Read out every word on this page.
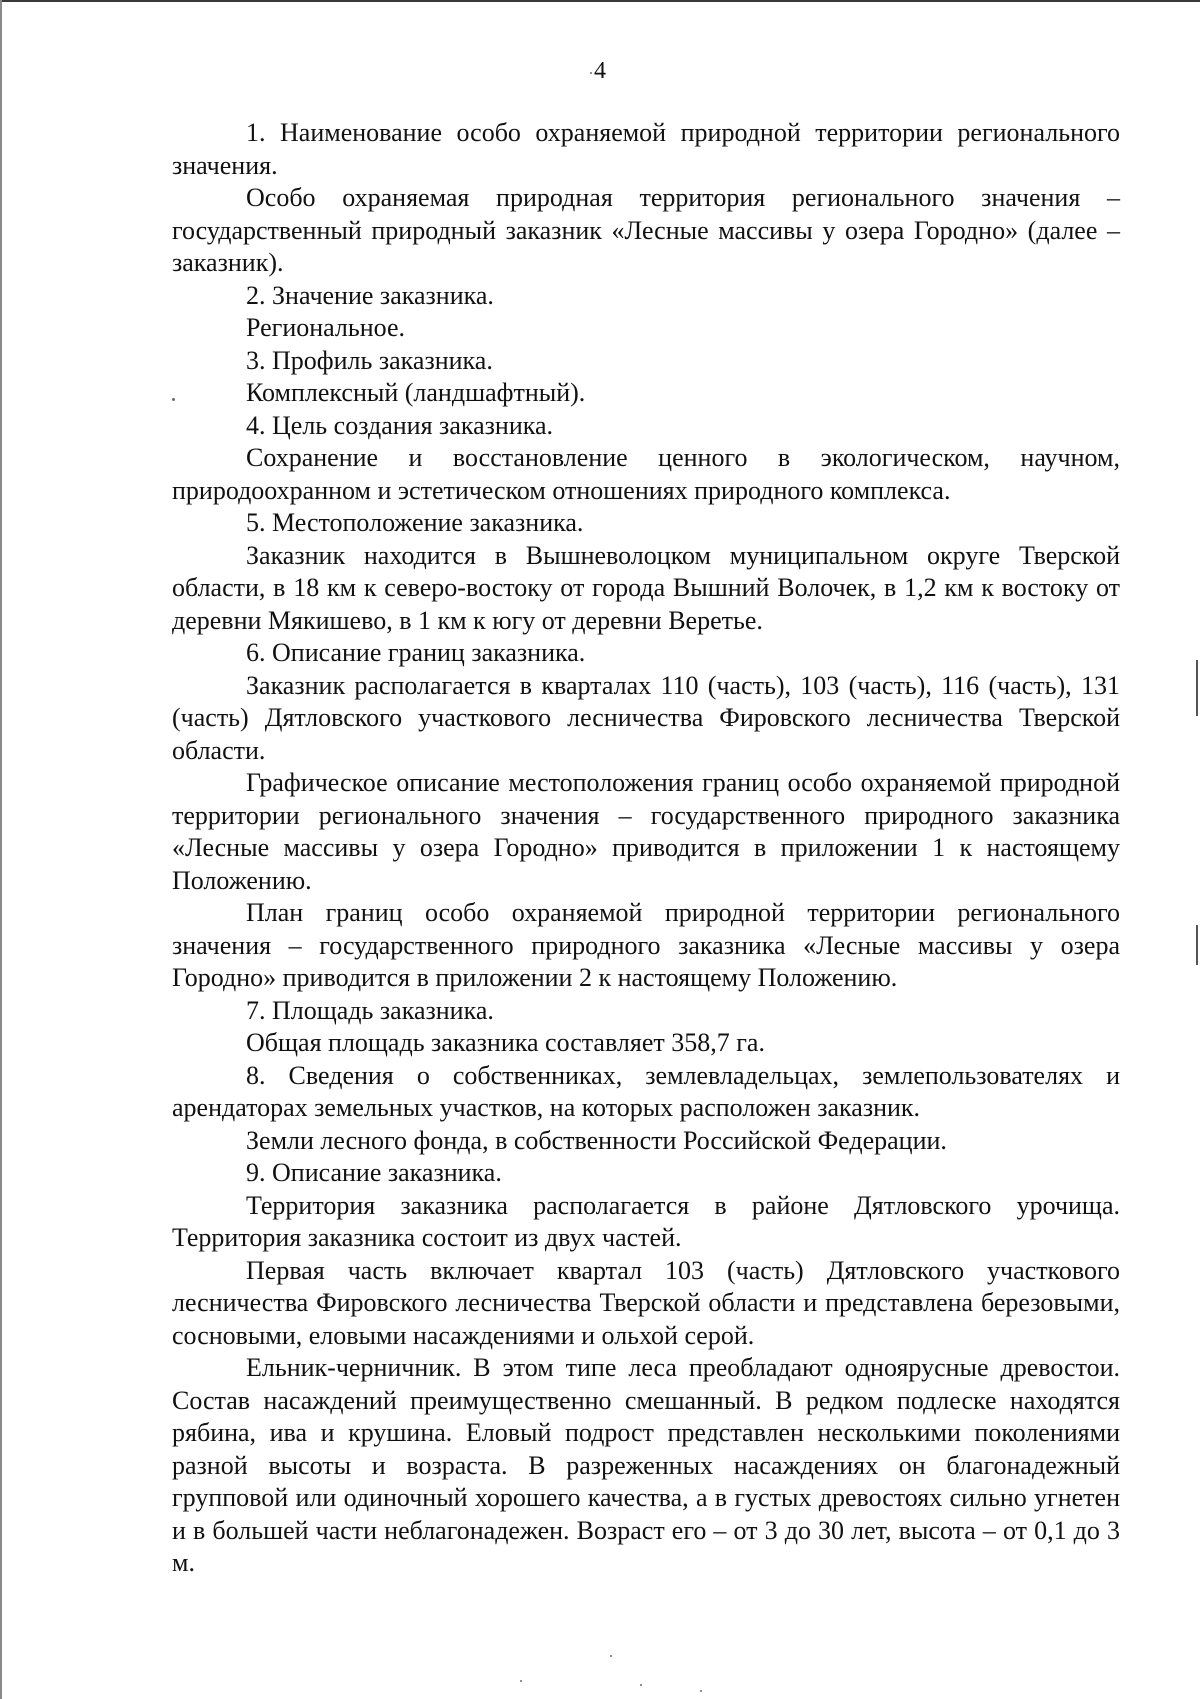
4

1. Наименование особо охраняемой природной территории регионального значения.

Особо охраняемая природная территория регионального значения – государственный природный заказник «Лесные массивы у озера Городно» (далее – заказник).

2. Значение заказника.

Региональное.

3. Профиль заказника.

Комплексный (ландшафтный).

4. Цель создания заказника.

Сохранение и восстановление ценного в экологическом, научном, природоохранном и эстетическом отношениях природного комплекса.

5. Местоположение заказника.

Заказник находится в Вышневолоцком муниципальном округе Тверской области, в 18 км к северо-востоку от города Вышний Волочек, в 1,2 км к востоку от деревни Мякишево, в 1 км к югу от деревни Веретье.

6. Описание границ заказника.

Заказник располагается в кварталах 110 (часть), 103 (часть), 116 (часть), 131 (часть) Дятловского участкового лесничества Фировского лесничества Тверской области.

Графическое описание местоположения границ особо охраняемой природной территории регионального значения – государственного природного заказника «Лесные массивы у озера Городно» приводится в приложении 1 к настоящему Положению.

План границ особо охраняемой природной территории регионального значения – государственного природного заказника «Лесные массивы у озера Городно» приводится в приложении 2 к настоящему Положению.

7. Площадь заказника.

Общая площадь заказника составляет 358,7 га.

8. Сведения о собственниках, землевладельцах, землепользователях и арендаторах земельных участков, на которых расположен заказник.

Земли лесного фонда, в собственности Российской Федерации.

9. Описание заказника.

Территория заказника располагается в районе Дятловского урочища. Территория заказника состоит из двух частей.

Первая часть включает квартал 103 (часть) Дятловского участкового лесничества Фировского лесничества Тверской области и представлена березовыми, сосновыми, еловыми насаждениями и ольхой серой.

Ельник-черничник. В этом типе леса преобладают одноярусные древостои. Состав насаждений преимущественно смешанный. В редком подлеске находятся рябина, ива и крушина. Еловый подрост представлен несколькими поколениями разной высоты и возраста. В разреженных насаждениях он благонадежный групповой или одиночный хорошего качества, а в густых древостоях сильно угнетен и в большей части неблагонадежен. Возраст его – от 3 до 30 лет, высота – от 0,1 до 3 м.
